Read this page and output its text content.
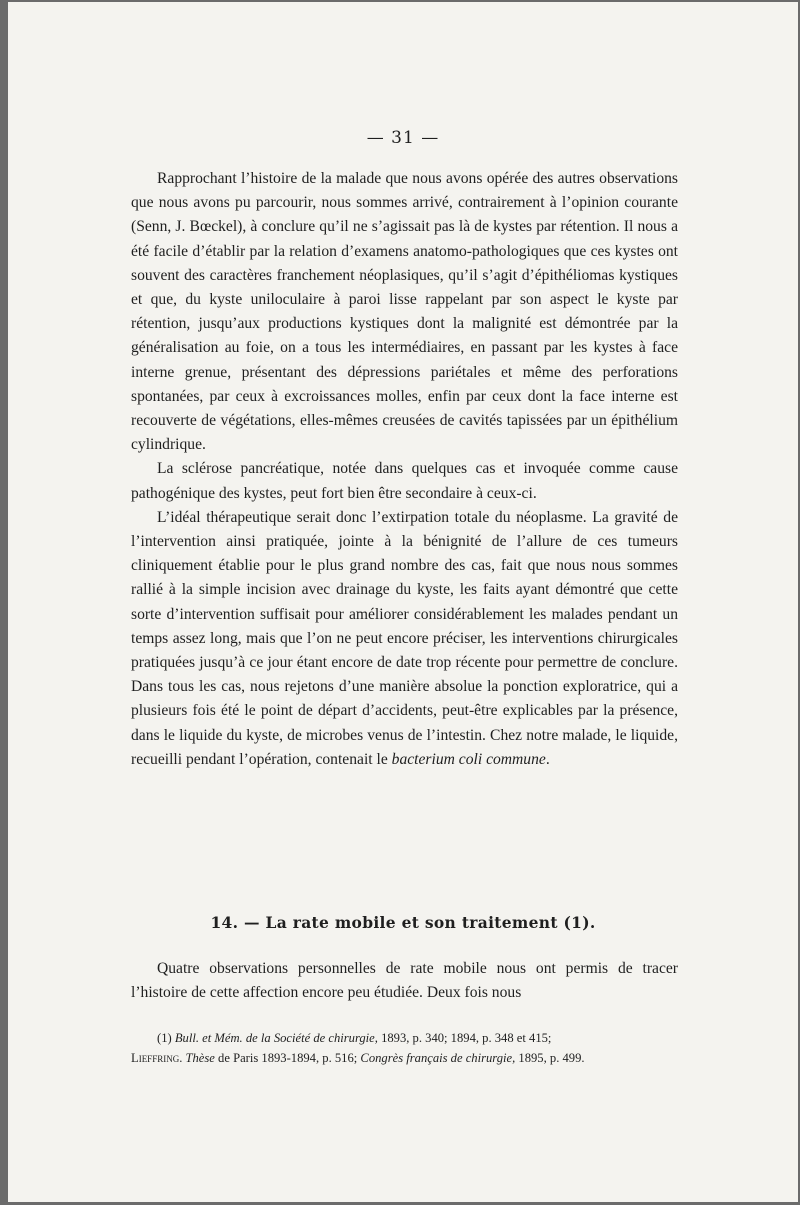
— 31 —

Rapprochant l’histoire de la malade que nous avons opérée des autres observations que nous avons pu parcourir, nous sommes arrivé, contrairement à l’opinion courante (Senn, J. Bœckel), à conclure qu’il ne s’agissait pas là de kystes par rétention. Il nous a été facile d’établir par la relation d’examens anatomo-pathologiques que ces kystes ont souvent des caractères franchement néoplasiques, qu’il s’agit d’épithéliomas kystiques et que, du kyste uniloculaire à paroi lisse rappelant par son aspect le kyste par rétention, jusqu’aux productions kystiques dont la malignité est démontrée par la généralisation au foie, on a tous les intermédiaires, en passant par les kystes à face interne grenue, présentant des dépressions pariétales et même des perforations spontanées, par ceux à excroissances molles, enfin par ceux dont la face interne est recouverte de végétations, elles-mêmes creusées de cavités tapissées par un épithélium cylindrique.

La sclérose pancréatique, notée dans quelques cas et invoquée comme cause pathogénique des kystes, peut fort bien être secondaire à ceux-ci.

L’idéal thérapeutique serait donc l’extirpation totale du néoplasme. La gravité de l’intervention ainsi pratiquée, jointe à la bénignité de l’allure de ces tumeurs cliniquement établie pour le plus grand nombre des cas, fait que nous nous sommes rallié à la simple incision avec drainage du kyste, les faits ayant démontré que cette sorte d’intervention suffisait pour améliorer considérablement les malades pendant un temps assez long, mais que l’on ne peut encore préciser, les interventions chirurgicales pratiquées jusqu’à ce jour étant encore de date trop récente pour permettre de conclure. Dans tous les cas, nous rejetons d’une manière absolue la ponction exploratrice, qui a plusieurs fois été le point de départ d’accidents, peut-être explicables par la présence, dans le liquide du kyste, de microbes venus de l’intestin. Chez notre malade, le liquide, recueilli pendant l’opération, contenait le bacterium coli commune.

14. — La rate mobile et son traitement (1).

Quatre observations personnelles de rate mobile nous ont permis de tracer l’histoire de cette affection encore peu étudiée. Deux fois nous

(1) Bull. et Mém. de la Société de chirurgie, 1893, p. 340; 1894, p. 348 et 415;
Lieffring. Thèse de Paris 1893-1894, p. 516; Congrès français de chirurgie, 1895, p. 499.
